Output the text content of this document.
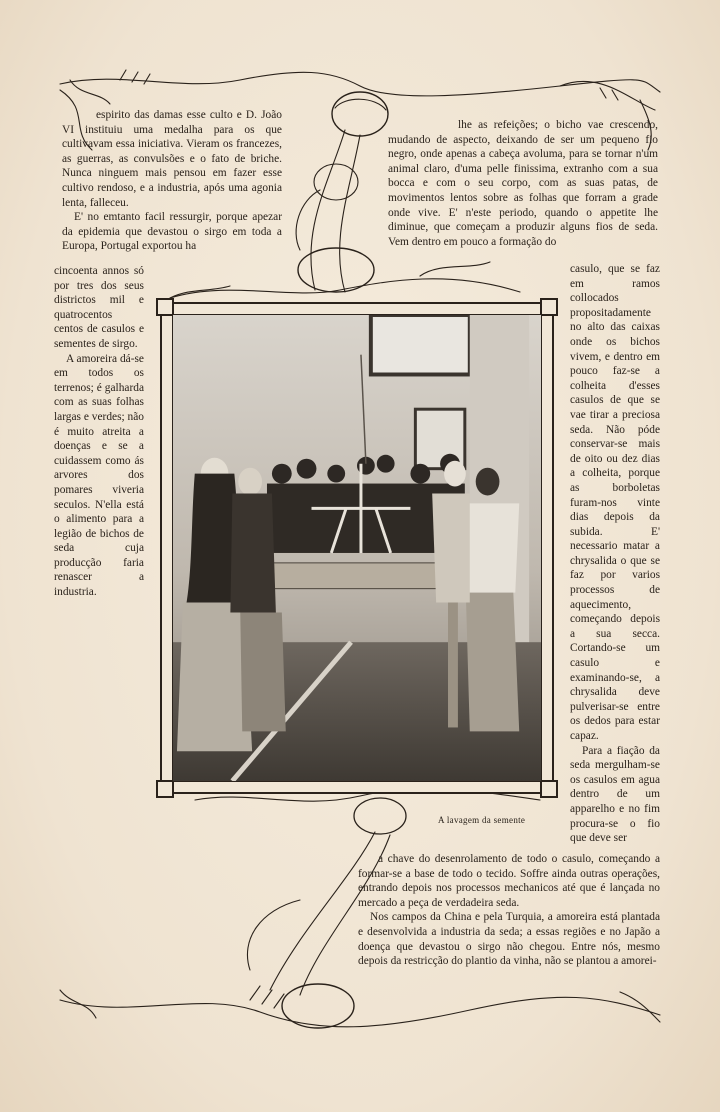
espirito das damas esse culto e D. João VI instituiu uma medalha para os que cultivavam essa iniciativa. Vieram os francezes, as guerras, as convulsões e o fato de briche. Nunca ninguem mais pensou em fazer esse cultivo rendoso, e a industria, após uma agonia lenta, falleceu.

E' no emtanto facil ressurgir, porque apezar da epidemia que devastou o sirgo em toda a Europa, Portugal exportou ha

cincoenta annos só por tres dos seus districtos mil e quatrocentos centos de casulos e sementes de sirgo.

A amoreira dá-se em todos os terrenos; é galharda com as suas folhas largas e verdes; não é muito atreita a doenças e se a cuidassem como ás arvores dos pomares viveria seculos. N'ella está o alimento para a legião de bichos de seda cuja producção faria renascer a industria.

lhe as refeições; o bicho vae crescendo, mudando de aspecto, deixando de ser um pequeno fio negro, onde apenas a cabeça avoluma, para se tornar n'um animal claro, d'uma pelle finissima, extranho com a sua bocca e com o seu corpo, com as suas patas, de movimentos lentos sobre as folhas que forram a grade onde vive. E' n'este periodo, quando o appetite lhe diminue, que começam a produzir alguns fios de seda. Vem dentro em pouco a formação do

casulo, que se faz em ramos collocados propositadamente no alto das caixas onde os bichos vivem, e dentro em pouco faz-se a colheita d'esses casulos de que se vae tirar a preciosa seda. Não póde conservar-se mais de oito ou dez dias a colheita, porque as borboletas furam-nos vinte dias depois da subida. E' necessario matar a chrysalida o que se faz por varios processos de aquecimento, começando depois a sua secca. Cortando-se um casulo e examinando-se, a chrysalida deve pulverisar-se entre os dedos para estar capaz.

Para a fiação da seda mergulham-se os casulos em agua dentro de um apparelho e no fim procura-se o fio que deve ser

a chave do desenrolamento de todo o casulo, começando a formar-se a base de todo o tecido. Soffre ainda outras operações, entrando depois nos processos mechanicos até que é lançada no mercado a peça de verdadeira seda.

Nos campos da China e pela Turquia, a amoreira está plantada e desenvolvida a industria da seda; a essas regiões e no Japão a doença que devastou o sirgo não chegou. Entre nós, mesmo depois da restricção do plantio da vinha, não se plantou a amorei-

A lavagem da semente
